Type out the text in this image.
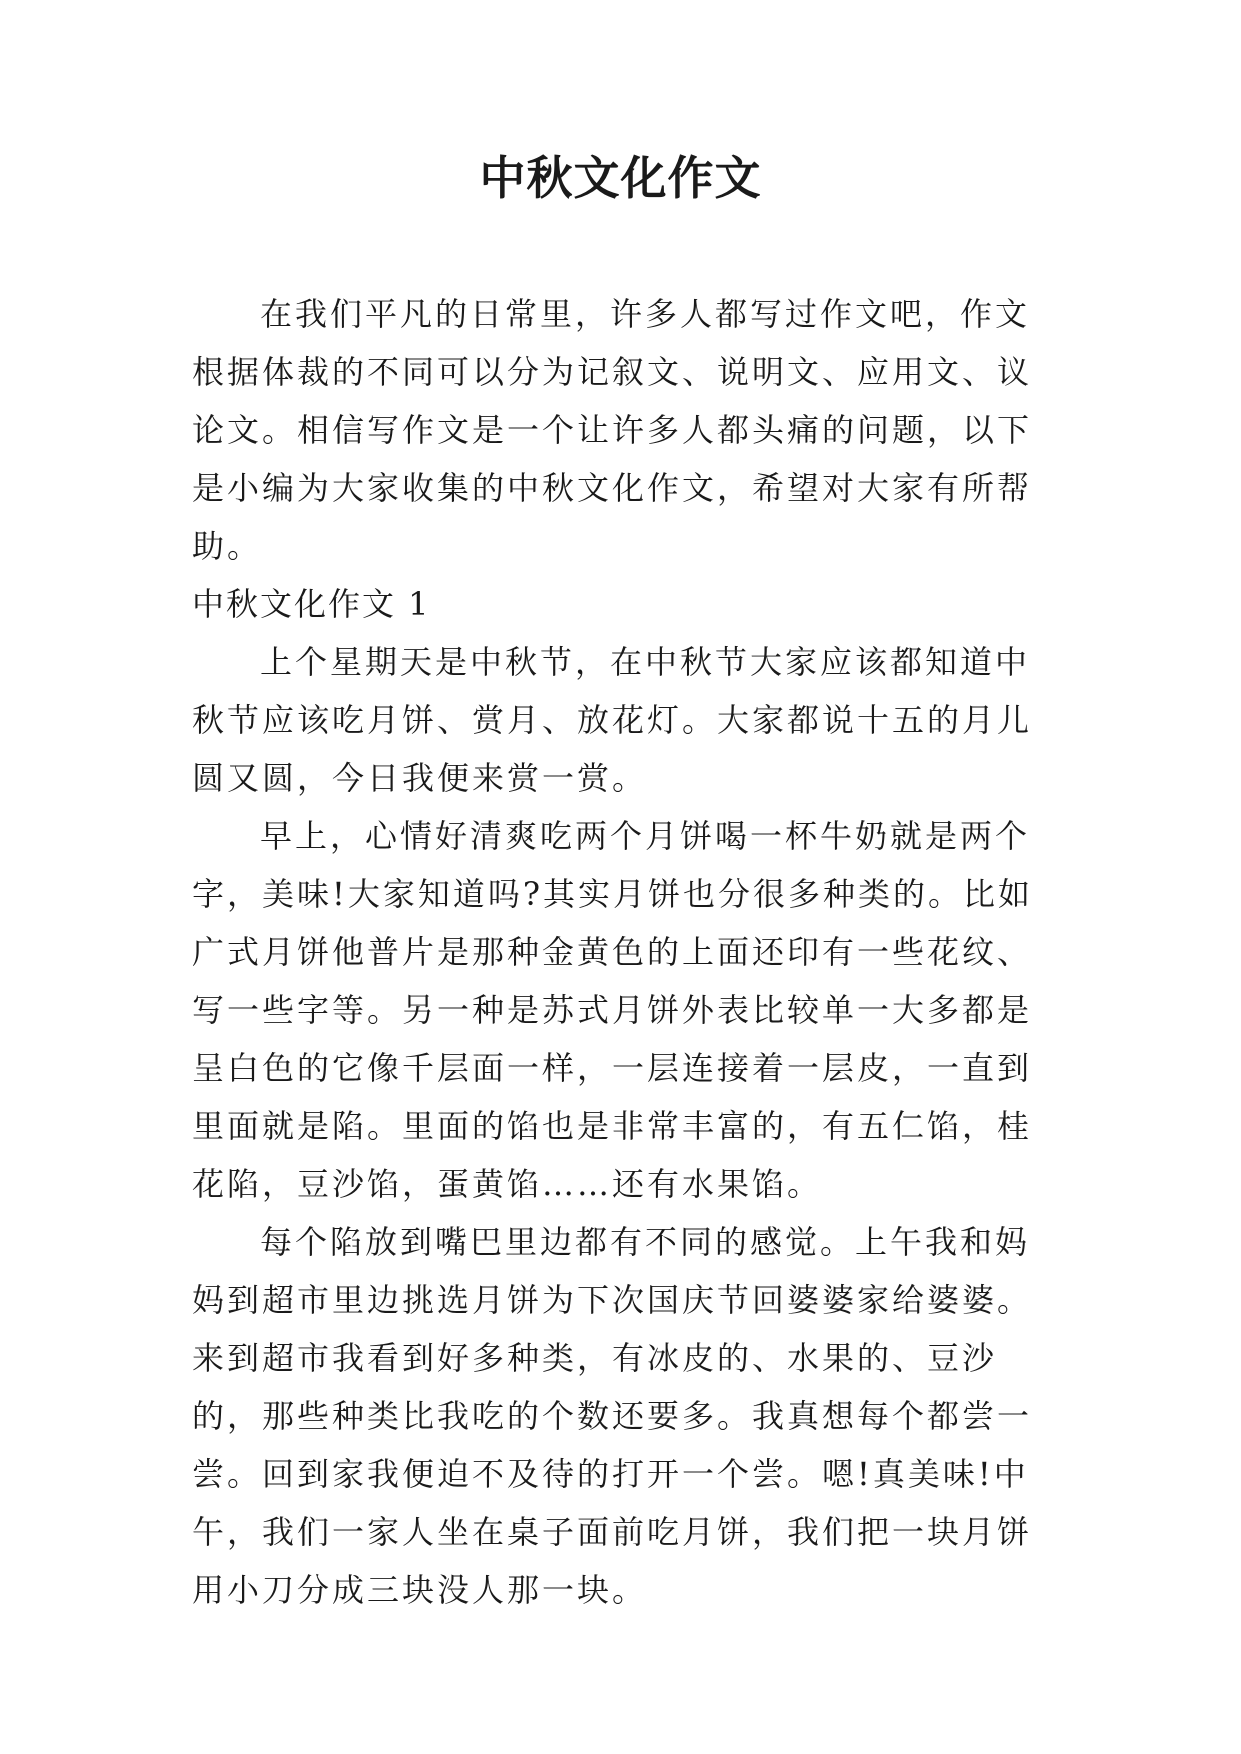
中秋文化作文

在我们平凡的日常里，许多人都写过作文吧，作文根据体裁的不同可以分为记叙文、说明文、应用文、议论文。相信写作文是一个让许多人都头痛的问题，以下是小编为大家收集的中秋文化作文，希望对大家有所帮助。

中秋文化作文 1

上个星期天是中秋节，在中秋节大家应该都知道中秋节应该吃月饼、赏月、放花灯。大家都说十五的月儿圆又圆，今日我便来赏一赏。

早上，心情好清爽吃两个月饼喝一杯牛奶就是两个字，美味!大家知道吗?其实月饼也分很多种类的。比如广式月饼他普片是那种金黄色的上面还印有一些花纹、写一些字等。另一种是苏式月饼外表比较单一大多都是呈白色的它像千层面一样，一层连接着一层皮，一直到里面就是陷。里面的馅也是非常丰富的，有五仁馅，桂花陷，豆沙馅，蛋黄馅……还有水果馅。

每个陷放到嘴巴里边都有不同的感觉。上午我和妈妈到超市里边挑选月饼为下次国庆节回婆婆家给婆婆。来到超市我看到好多种类，有冰皮的、水果的、豆沙的，那些种类比我吃的个数还要多。我真想每个都尝一尝。回到家我便迫不及待的打开一个尝。嗯!真美味!中午，我们一家人坐在桌子面前吃月饼，我们把一块月饼用小刀分成三块没人那一块。
